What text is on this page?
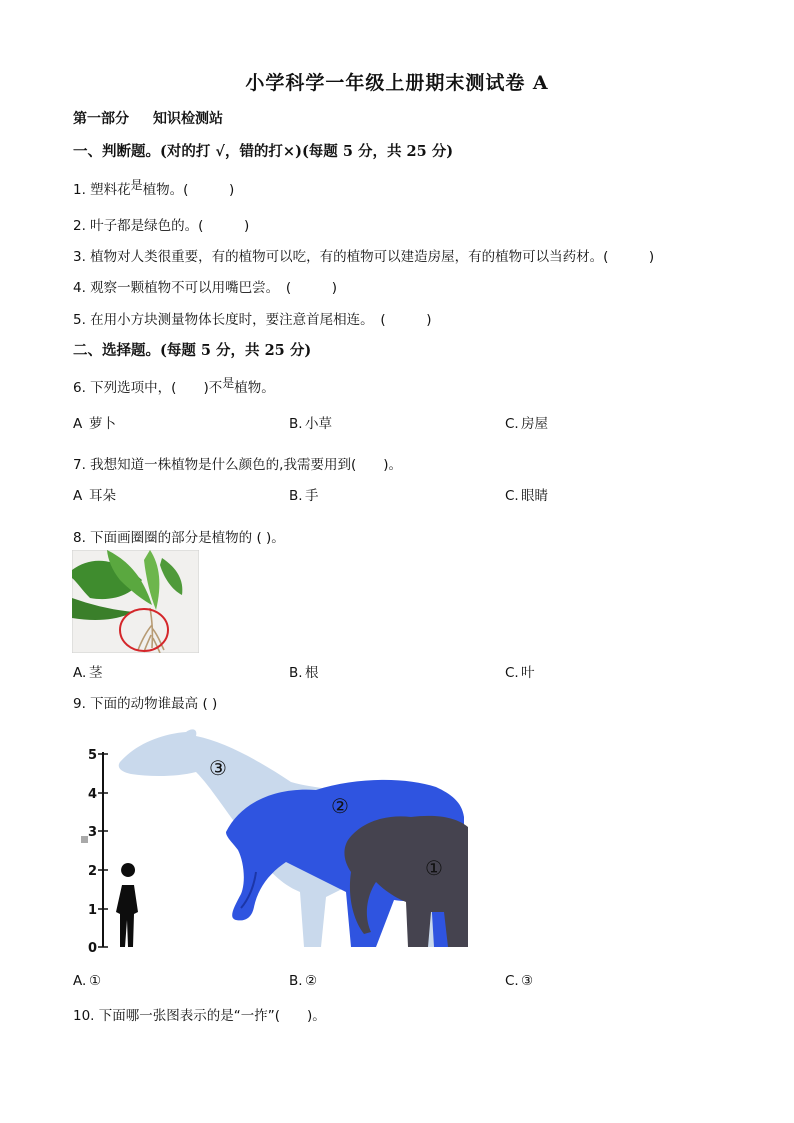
小学科学一年级上册期末测试卷 A
第一部分 知识检测站
一、判断题。(对的打 √，错的打×)(每题 5 分，共 25 分)
1. 塑料花是植物。(　　　)
2. 叶子都是绿色的。(　　　)
3. 植物对人类很重要，有的植物可以吃，有的植物可以建造房屋，有的植物可以当药材。(　　　)
4. 观察一颗植物不可以用嘴巴尝。　(　　　)
5. 在用小方块测量物体长度时，要注意首尾相连。　(　　　)
二、选择题。(每题 5 分，共 25 分)
6. 下列选项中，(　　)不是植物。
A 萝卜	B. 小草	C. 房屋
7. 我想知道一株植物是什么颜色的,我需要用到(　　)。
A 耳朵	B. 手	C. 眼睛
8. 下面画圈圈的部分是植物的 ( )。
A. 茎	B. 根	C. 叶
9. 下面的动物谁最高 ( )
0
1
2
3
4
5
③
②
①
A. ①	B. ②	C. ③
10. 下面哪一张图表示的是“一拃”(　　)。
